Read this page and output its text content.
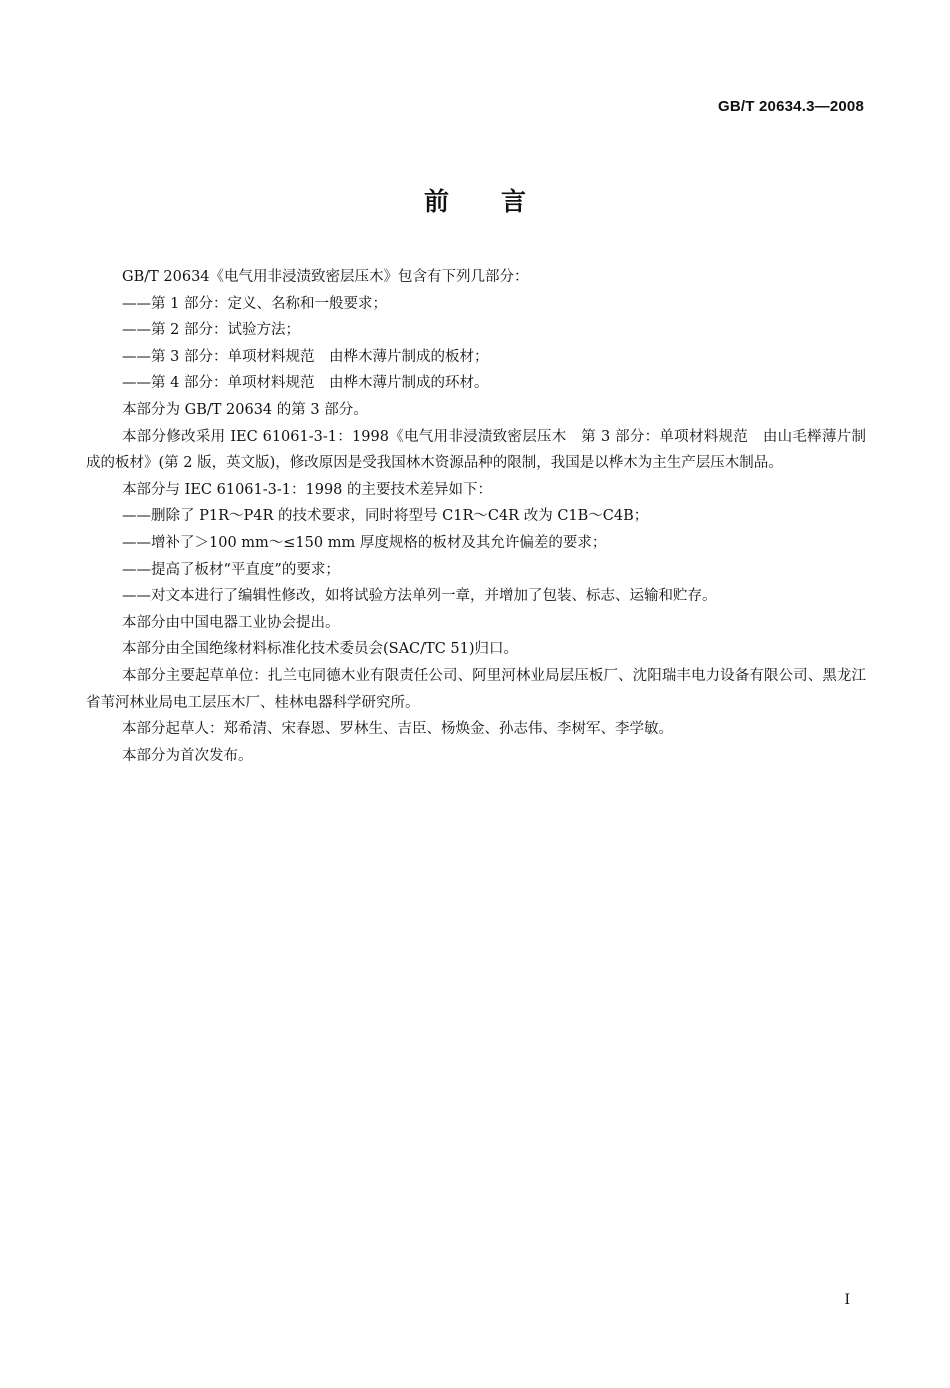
GB/T 20634.3—2008
前言

GB/T 20634《电气用非浸渍致密层压木》包含有下列几部分：

——第 1 部分：定义、名称和一般要求；

——第 2 部分：试验方法；

——第 3 部分：单项材料规范　由桦木薄片制成的板材；

——第 4 部分：单项材料规范　由桦木薄片制成的环材。

本部分为 GB/T 20634 的第 3 部分。

本部分修改采用 IEC 61061-3-1：1998《电气用非浸渍致密层压木　第 3 部分：单项材料规范　由山毛榉薄片制成的板材》(第 2 版，英文版)，修改原因是受我国林木资源品种的限制，我国是以桦木为主生产层压木制品。

本部分与 IEC 61061-3-1：1998 的主要技术差异如下：

——删除了 P1R～P4R 的技术要求，同时将型号 C1R～C4R 改为 C1B～C4B；

——增补了＞100 mm～≤150 mm 厚度规格的板材及其允许偏差的要求；

——提高了板材“平直度”的要求；

——对文本进行了编辑性修改，如将试验方法单列一章，并增加了包装、标志、运输和贮存。

本部分由中国电器工业协会提出。

本部分由全国绝缘材料标准化技术委员会(SAC/TC 51)归口。

本部分主要起草单位：扎兰屯同德木业有限责任公司、阿里河林业局层压板厂、沈阳瑞丰电力设备有限公司、黑龙江省苇河林业局电工层压木厂、桂林电器科学研究所。

本部分起草人：郑希清、宋春恩、罗林生、吉臣、杨焕金、孙志伟、李树军、李学敏。

本部分为首次发布。

I
